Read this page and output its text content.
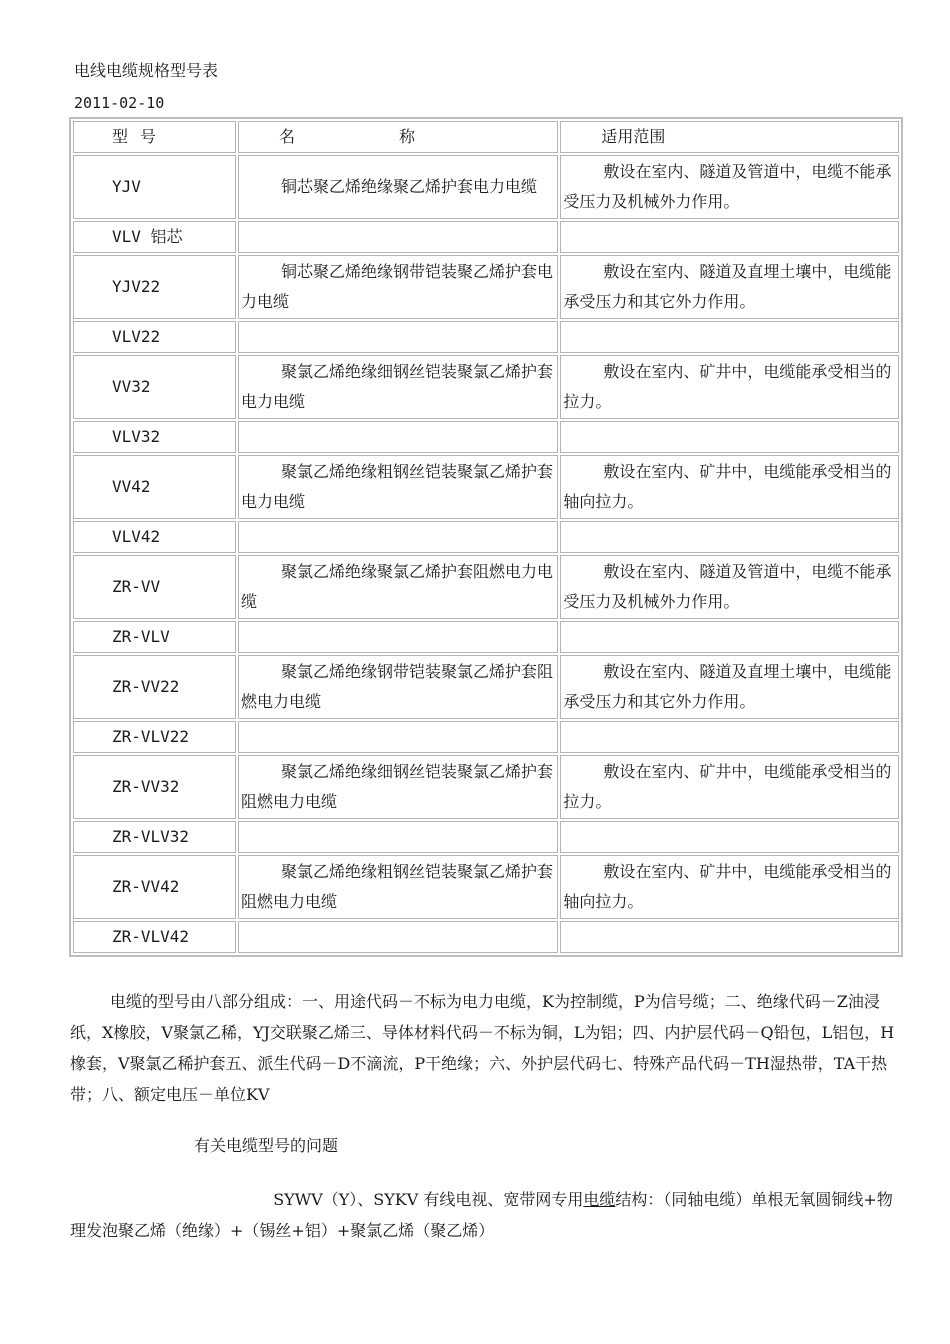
电线电缆规格型号表
2011-02-10
型号	名 称	适用范围
YJV	铜芯聚乙烯绝缘聚乙烯护套电力电缆	敷设在室内、隧道及管道中，电缆不能承受压力及机械外力作用。
VLV 铝芯		
YJV22	铜芯聚乙烯绝缘钢带铠装聚乙烯护套电力电缆	敷设在室内、隧道及直埋土壤中，电缆能承受压力和其它外力作用。
VLV22		
VV32	聚氯乙烯绝缘细钢丝铠装聚氯乙烯护套电力电缆	敷设在室内、矿井中，电缆能承受相当的拉力。
VLV32		
VV42	聚氯乙烯绝缘粗钢丝铠装聚氯乙烯护套电力电缆	敷设在室内、矿井中，电缆能承受相当的轴向拉力。
VLV42		
ZR-VV	聚氯乙烯绝缘聚氯乙烯护套阻燃电力电缆	敷设在室内、隧道及管道中，电缆不能承受压力及机械外力作用。
ZR-VLV		
ZR-VV22	聚氯乙烯绝缘钢带铠装聚氯乙烯护套阻燃电力电缆	敷设在室内、隧道及直埋土壤中，电缆能承受压力和其它外力作用。
ZR-VLV22		
ZR-VV32	聚氯乙烯绝缘细钢丝铠装聚氯乙烯护套阻燃电力电缆	敷设在室内、矿井中，电缆能承受相当的拉力。
ZR-VLV32		
ZR-VV42	聚氯乙烯绝缘粗钢丝铠装聚氯乙烯护套阻燃电力电缆	敷设在室内、矿井中，电缆能承受相当的轴向拉力。
ZR-VLV42		
电缆的型号由八部分组成：一、用途代码－不标为电力电缆，K为控制缆，P为信号缆；二、绝缘代码－Z油浸纸，X橡胶，V聚氯乙稀，YJ交联聚乙烯三、导体材料代码－不标为铜，L为铝；四、内护层代码－Q铅包，L铝包，H橡套，V聚氯乙稀护套五、派生代码－D不滴流，P干绝缘；六、外护层代码七、特殊产品代码－TH湿热带，TA干热带；八、额定电压－单位KV
有关电缆型号的问题
SYWV（Y）、SYKV 有线电视、宽带网专用电缆结构：（同轴电缆）单根无氧圆铜线+物理发泡聚乙烯（绝缘）+（锡丝+铝）+聚氯乙烯（聚乙烯）
